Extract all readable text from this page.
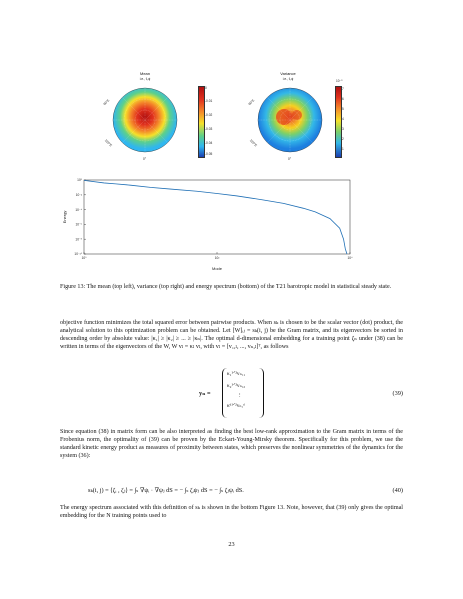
Mean
i.e., f₀ψ
Variance
i.e., f₀ψ
60°E
120°E
0°
0
-0.01
-0.02
-0.03
-0.04
-0.05
60°E
120°E
0°
10⁻⁵
7
6
5
4
3
2
1
10⁰
10⁻²
10⁻⁴
10⁻⁶
10⁻⁸
10⁻¹⁰
10⁰	10²	10⁴
Mode
Energy
Figure 13: The mean (top left), variance (top right) and energy spectrum (bottom) of the T21 barotropic model in statistical steady state.
objective function minimizes the total squared error between pairwise products. When sₖ is chosen to be the scalar vector (dot) product, the analytical solution to this optimization problem can be obtained. Let [W]ᵢⱼ = sₖ(i, j) be the Gram matrix, and its eigenvectors be sorted in descending order by absolute value: |κ₁| ≥ |κ₂| ≥ ... ≥ |κₙ|. The optimal d-dimensional embedding for a training point ζₙ under (38) can be written in terms of the eigenvectors of the W, W vₗ = κₗ vₗ, with vₗ = [v₁,ₗ, ..., vₙ,ₗ]ᵀ, as follows
yₙ =
κ₁¹ᐟ²vₙ,₁
κ₂¹ᐟ²vₙ,₂
⋮
κᵈ¹ᐟ²vₙ,ᵈ
(39)
Since equation (38) in matrix form can be also interpreted as finding the best low-rank approximation to the Gram matrix in terms of the Frobenius norm, the optimality of (39) can be proven by the Eckart-Young-Mirsky theorem. Specifically for this problem, we use the standard kinetic energy product as measures of proximity between states, which preserves the nonlinear symmetries of the dynamics for the system (36):
sₖ(i, j) = ⟨ζᵢ , ζⱼ⟩ = ∫ₛ ∇ψᵢ · ∇ψⱼ dS = − ∫ₛ ζᵢψⱼ dS = − ∫ₛ ζⱼψᵢ dS.	(40)
The energy spectrum associated with this definition of sₖ is shown in the bottom Figure 13. Note, however, that (39) only gives the optimal embedding for the N training points used to
23
